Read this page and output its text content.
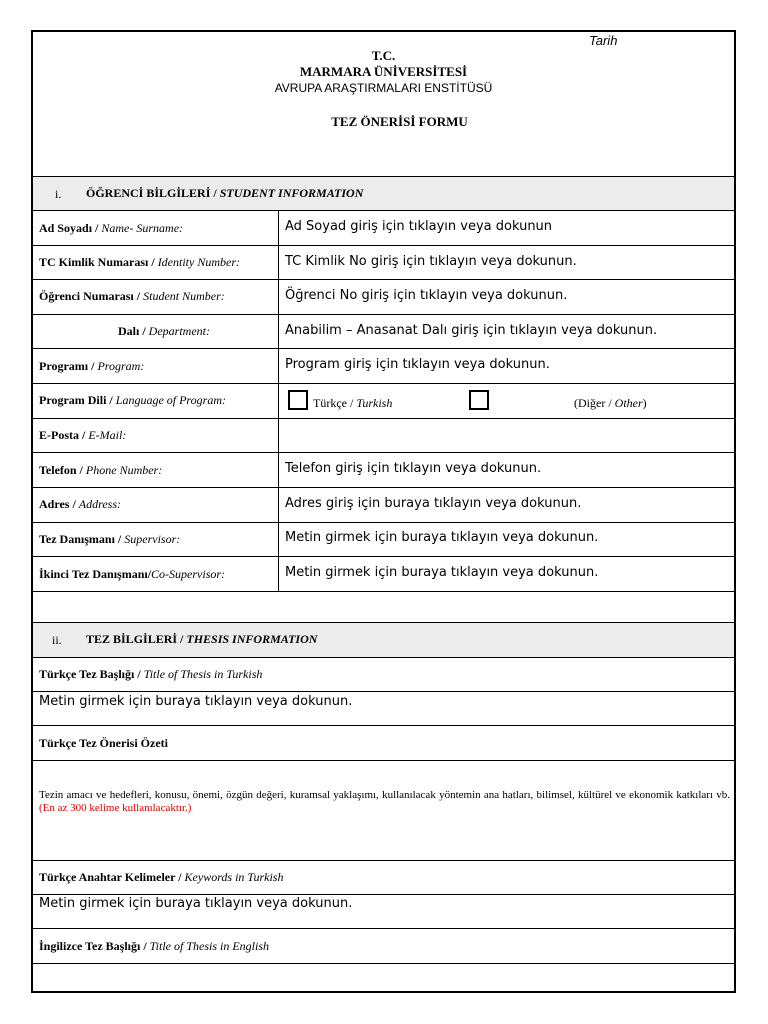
Tarih
T.C.
MARMARA ÜNİVERSİTESİ
AVRUPA ARAŞTIRMALARI ENSTİTÜSÜ
TEZ ÖNERİSİ FORMU
i. ÖĞRENCİ BİLGİLERİ / STUDENT INFORMATION
Ad Soyadı / Name- Surname:	Ad Soyad giriş için tıklayın veya dokunun
TC Kimlik Numarası / Identity Number:	TC Kimlik No giriş için tıklayın veya dokunun.
Öğrenci Numarası / Student Number:	Öğrenci No giriş için tıklayın veya dokunun.
Dalı / Department:	Anabilim – Anasanat Dalı giriş için tıklayın veya dokunun.
Programı / Program:	Program giriş için tıklayın veya dokunun.
Program Dili / Language of Program:	Türkçe / Turkish	(Diğer / Other)
E-Posta / E-Mail:
Telefon / Phone Number:	Telefon giriş için tıklayın veya dokunun.
Adres / Address:	Adres giriş için buraya tıklayın veya dokunun.
Tez Danışmanı / Supervisor:	Metin girmek için buraya tıklayın veya dokunun.
İkinci Tez Danışmanı/Co-Supervisor:	Metin girmek için buraya tıklayın veya dokunun.
ii. TEZ BİLGİLERİ / THESIS INFORMATION
Türkçe Tez Başlığı / Title of Thesis in Turkish
Metin girmek için buraya tıklayın veya dokunun.
Türkçe Tez Önerisi Özeti
Tezin amacı ve hedefleri, konusu, önemi, özgün değeri, kuramsal yaklaşımı, kullanılacak yöntemin ana hatları, bilimsel, kültürel ve ekonomik katkıları vb. (En az 300 kelime kullanılacaktır.)
Türkçe Anahtar Kelimeler / Keywords in Turkish
Metin girmek için buraya tıklayın veya dokunun.
İngilizce Tez Başlığı / Title of Thesis in English
